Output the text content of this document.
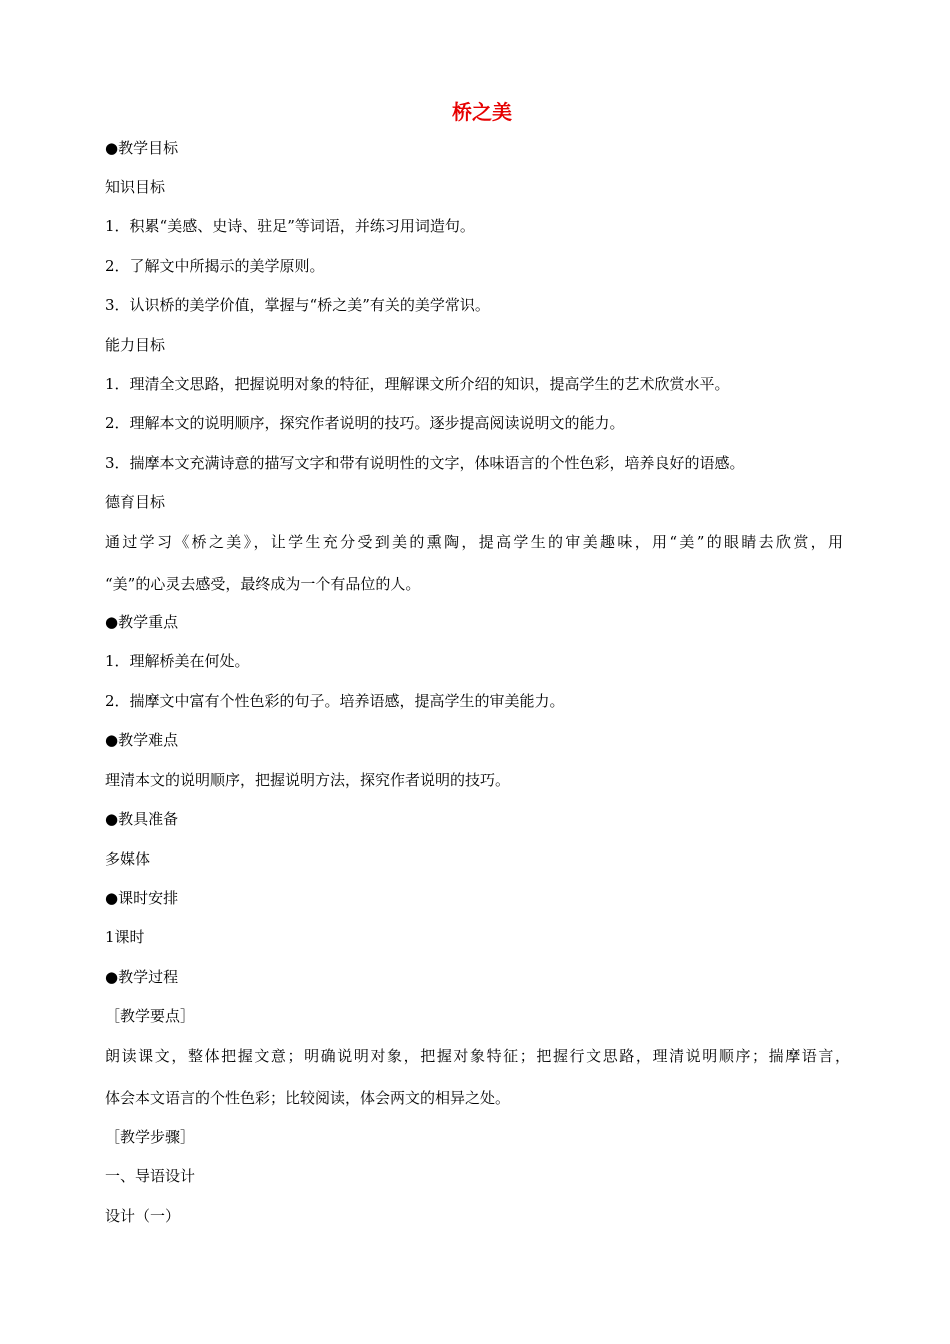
桥之美

●教学目标

知识目标

1．积累“美感、史诗、驻足”等词语，并练习用词造句。

2．了解文中所揭示的美学原则。

3．认识桥的美学价值，掌握与“桥之美”有关的美学常识。

能力目标

1．理清全文思路，把握说明对象的特征，理解课文所介绍的知识，提高学生的艺术欣赏水平。

2．理解本文的说明顺序，探究作者说明的技巧。逐步提高阅读说明文的能力。

3．揣摩本文充满诗意的描写文字和带有说明性的文字，体味语言的个性色彩，培养良好的语感。

德育目标

通过学习《桥之美》，让学生充分受到美的熏陶，提高学生的审美趣味，用“美”的眼睛去欣赏，用

“美”的心灵去感受，最终成为一个有品位的人。

●教学重点

1．理解桥美在何处。

2．揣摩文中富有个性色彩的句子。培养语感，提高学生的审美能力。

●教学难点

理清本文的说明顺序，把握说明方法，探究作者说明的技巧。

●教具准备

多媒体

●课时安排

1课时

●教学过程

［教学要点］

朗读课文，整体把握文意；明确说明对象，把握对象特征；把握行文思路，理清说明顺序；揣摩语言，

体会本文语言的个性色彩；比较阅读，体会两文的相异之处。

［教学步骤］

一、导语设计

设计（一）
